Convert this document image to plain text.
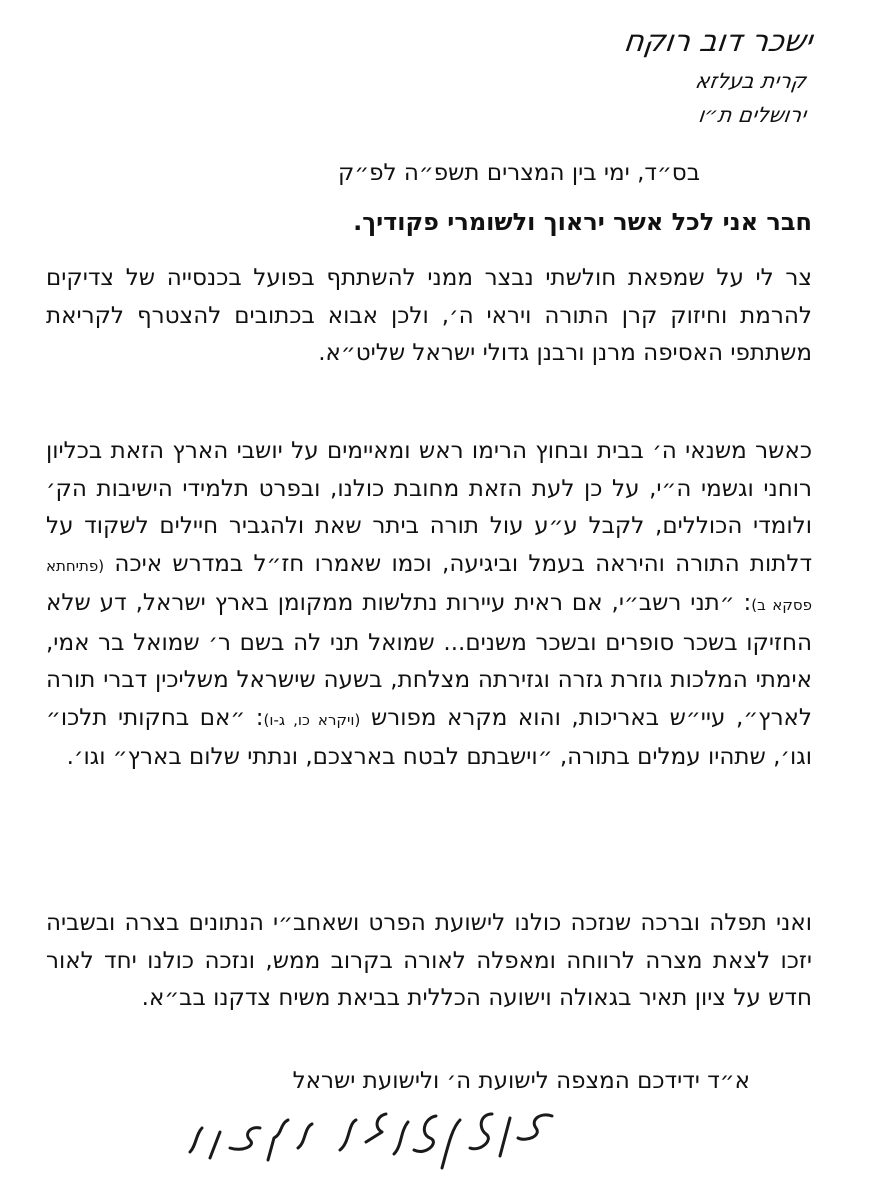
ישכר דוב רוקח
קרית בעלזא
ירושלים ת״ו
בס״ד, ימי בין המצרים תשפ״ה לפ״ק
חבר אני לכל אשר יראוך ולשומרי פקודיך.

צר לי על שמפאת חולשתי נבצר ממני להשתתף בפועל בכנסייה של צדיקים להרמת וחיזוק קרן התורה ויראי ה׳, ולכן אבוא בכתובים להצטרף לקריאת משתתפי האסיפה מרנן ורבנן גדולי ישראל שליט״א.

כאשר משנאי ה׳ בבית ובחוץ הרימו ראש ומאיימים על יושבי הארץ הזאת בכליון רוחני וגשמי ה״י, על כן לעת הזאת מחובת כולנו, ובפרט תלמידי הישיבות הק׳ ולומדי הכוללים, לקבל ע״ע עול תורה ביתר שאת ולהגביר חיילים לשקוד על דלתות התורה והיראה בעמל וביגיעה, וכמו שאמרו חז״ל במדרש איכה (פתיחתא פסקא ב): ״תני רשב״י, אם ראית עיירות נתלשות ממקומן בארץ ישראל, דע שלא החזיקו בשכר סופרים ובשכר משנים... שמואל תני לה בשם ר׳ שמואל בר אמי, אימתי המלכות גוזרת גזרה וגזירתה מצלחת, בשעה שישראל משליכין דברי תורה לארץ״, עיי״ש באריכות, והוא מקרא מפורש (ויקרא כו, ג-ו): ״אם בחקותי תלכו״ וגו׳, שתהיו עמלים בתורה, ״וישבתם לבטח בארצכם, ונתתי שלום בארץ״ וגו׳.

ואני תפלה וברכה שנזכה כולנו לישועת הפרט ושאחב״י הנתונים בצרה ובשביה יזכו לצאת מצרה לרווחה ומאפלה לאורה בקרוב ממש, ונזכה כולנו יחד לאור חדש על ציון תאיר בגאולה וישועה הכללית בביאת משיח צדקנו בב״א.

א״ד ידידכם המצפה לישועת ה׳ ולישועת ישראל
